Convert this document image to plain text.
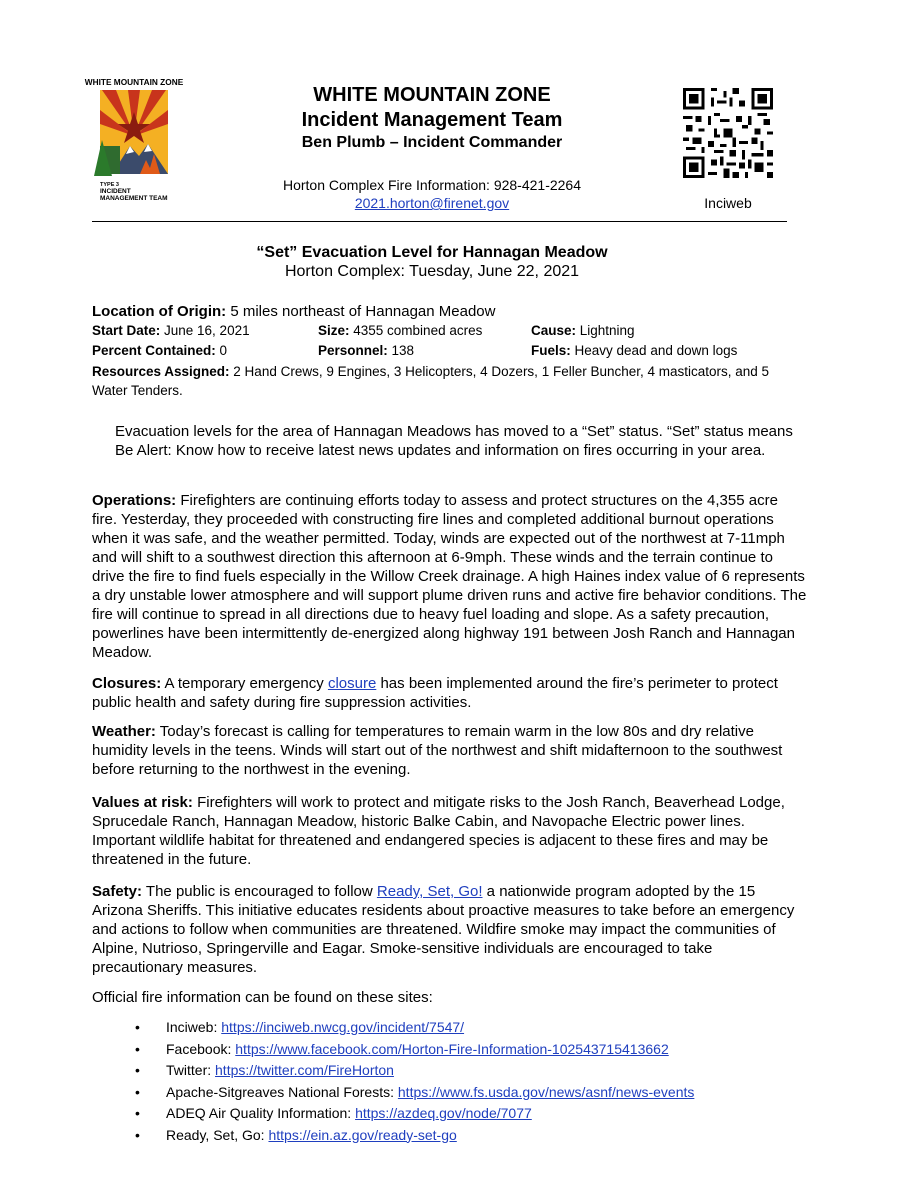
WHITE MOUNTAIN ZONE
TYPE 3
INCIDENT
MANAGEMENT TEAM
WHITE MOUNTAIN ZONE
Incident Management Team
Ben Plumb – Incident Commander
Horton Complex Fire Information: 928-421-2264
2021.horton@firenet.gov	Inciweb
“Set” Evacuation Level for Hannagan Meadow
Horton Complex: Tuesday, June 22, 2021
Location of Origin: 5 miles northeast of Hannagan Meadow
Start Date: June 16, 2021	Size: 4355 combined acres	Cause: Lightning
Percent Contained: 0	Personnel: 138	Fuels: Heavy dead and down logs
Resources Assigned: 2 Hand Crews, 9 Engines, 3 Helicopters, 4 Dozers, 1 Feller Buncher, 4 masticators, and 5 Water Tenders.
Evacuation levels for the area of Hannagan Meadows has moved to a “Set” status. “Set” status means Be Alert: Know how to receive latest news updates and information on fires occurring in your area.
Operations: Firefighters are continuing efforts today to assess and protect structures on the 4,355 acre fire. Yesterday, they proceeded with constructing fire lines and completed additional burnout operations when it was safe, and the weather permitted. Today, winds are expected out of the northwest at 7-11mph and will shift to a southwest direction this afternoon at 6-9mph. These winds and the terrain continue to drive the fire to find fuels especially in the Willow Creek drainage. A high Haines index value of 6 represents a dry unstable lower atmosphere and will support plume driven runs and active fire behavior conditions. The fire will continue to spread in all directions due to heavy fuel loading and slope. As a safety precaution, powerlines have been intermittently de-energized along highway 191 between Josh Ranch and Hannagan Meadow.
Closures: A temporary emergency closure has been implemented around the fire’s perimeter to protect public health and safety during fire suppression activities.
Weather: Today’s forecast is calling for temperatures to remain warm in the low 80s and dry relative humidity levels in the teens. Winds will start out of the northwest and shift midafternoon to the southwest before returning to the northwest in the evening.
Values at risk: Firefighters will work to protect and mitigate risks to the Josh Ranch, Beaverhead Lodge, Sprucedale Ranch, Hannagan Meadow, historic Balke Cabin, and Navopache Electric power lines. Important wildlife habitat for threatened and endangered species is adjacent to these fires and may be threatened in the future.
Safety: The public is encouraged to follow Ready, Set, Go! a nationwide program adopted by the 15 Arizona Sheriffs. This initiative educates residents about proactive measures to take before an emergency and actions to follow when communities are threatened. Wildfire smoke may impact the communities of Alpine, Nutrioso, Springerville and Eagar. Smoke-sensitive individuals are encouraged to take precautionary measures.
Official fire information can be found on these sites:
• Inciweb: https://inciweb.nwcg.gov/incident/7547/
• Facebook: https://www.facebook.com/Horton-Fire-Information-102543715413662
• Twitter: https://twitter.com/FireHorton
• Apache-Sitgreaves National Forests: https://www.fs.usda.gov/news/asnf/news-events
• ADEQ Air Quality Information: https://azdeq.gov/node/7077
• Ready, Set, Go: https://ein.az.gov/ready-set-go
